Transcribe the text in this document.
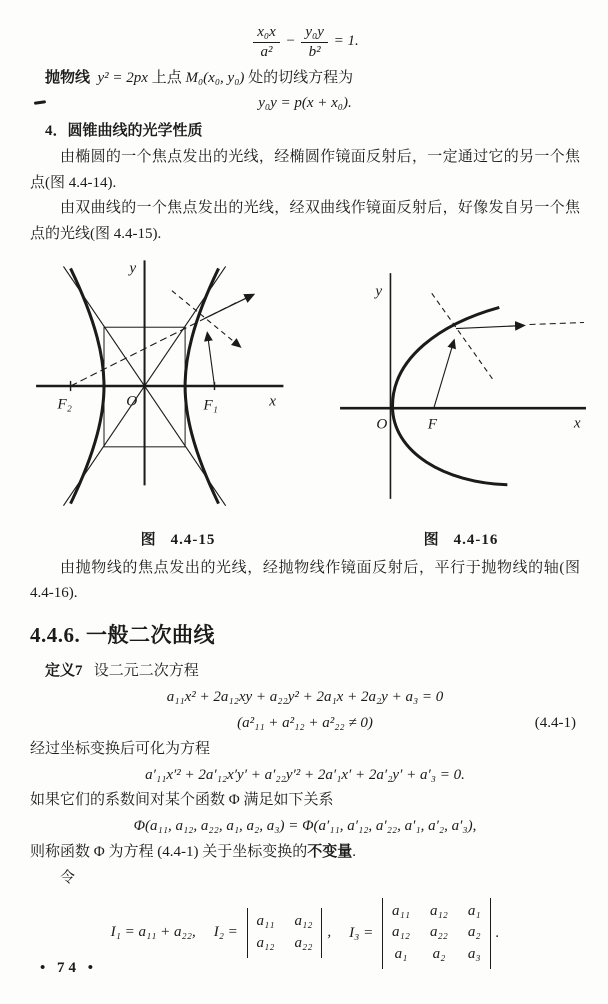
$\frac{\text{x₀x}}{\text{a²}} - \frac{\text{y₀y}}{\text{b²}} = 1$.

抛物线 y² = 2px 上点 M₀(x₀, y₀) 处的切线方程为

y₀y = p(x + x₀).

4．圆锥曲线的光学性质

由椭圆的一个焦点发出的光线，经椭圆作镜面反射后，一定通过它的另一个焦点(图 4.4-14).

由双曲线的一个焦点发出的光线，经双曲线作镜面反射后，好像发自另一个焦点的光线(图 4.4-15).

y
x
O
F₂	F₁
图 4.4-15
y
x
O	F
图 4.4-16

由抛物线的焦点发出的光线，经抛物线作镜面反射后，平行于抛物线的轴(图 4.4-16).

4.4.6. 一般二次曲线

定义7 设二元二次方程

a₁₁x² + 2a₁₂xy + a₂₂y² + 2a₁x + 2a₂y + a₃ = 0
(a²₁₁ + a²₁₂ + a²₂₂ ≠ 0)	(4.4-1)

经过坐标变换后可化为方程

a′₁₁x′² + 2a′₁₂x′y′ + a′₂₂y′² + 2a′₁x′ + 2a′₂y′ + a′₃ = 0.

如果它们的系数间对某个函数 Φ 满足如下关系

Φ(a₁₁, a₁₂, a₂₂, a₁, a₂, a₃) = Φ(a′₁₁, a′₁₂, a′₂₂, a′₁, a′₂, a′₃),

则称函数 Φ 为方程 (4.4-1) 关于坐标变换的不变量.

令

I₁ = a₁₁ + a₂₂, I₂ =
a₁₁ a₁₂
a₁₂ a₂₂
, I₃ =
a₁₁ a₁₂ a₁
a₁₂ a₂₂ a₂
a₁ a₂ a₃
.
• 74 •
